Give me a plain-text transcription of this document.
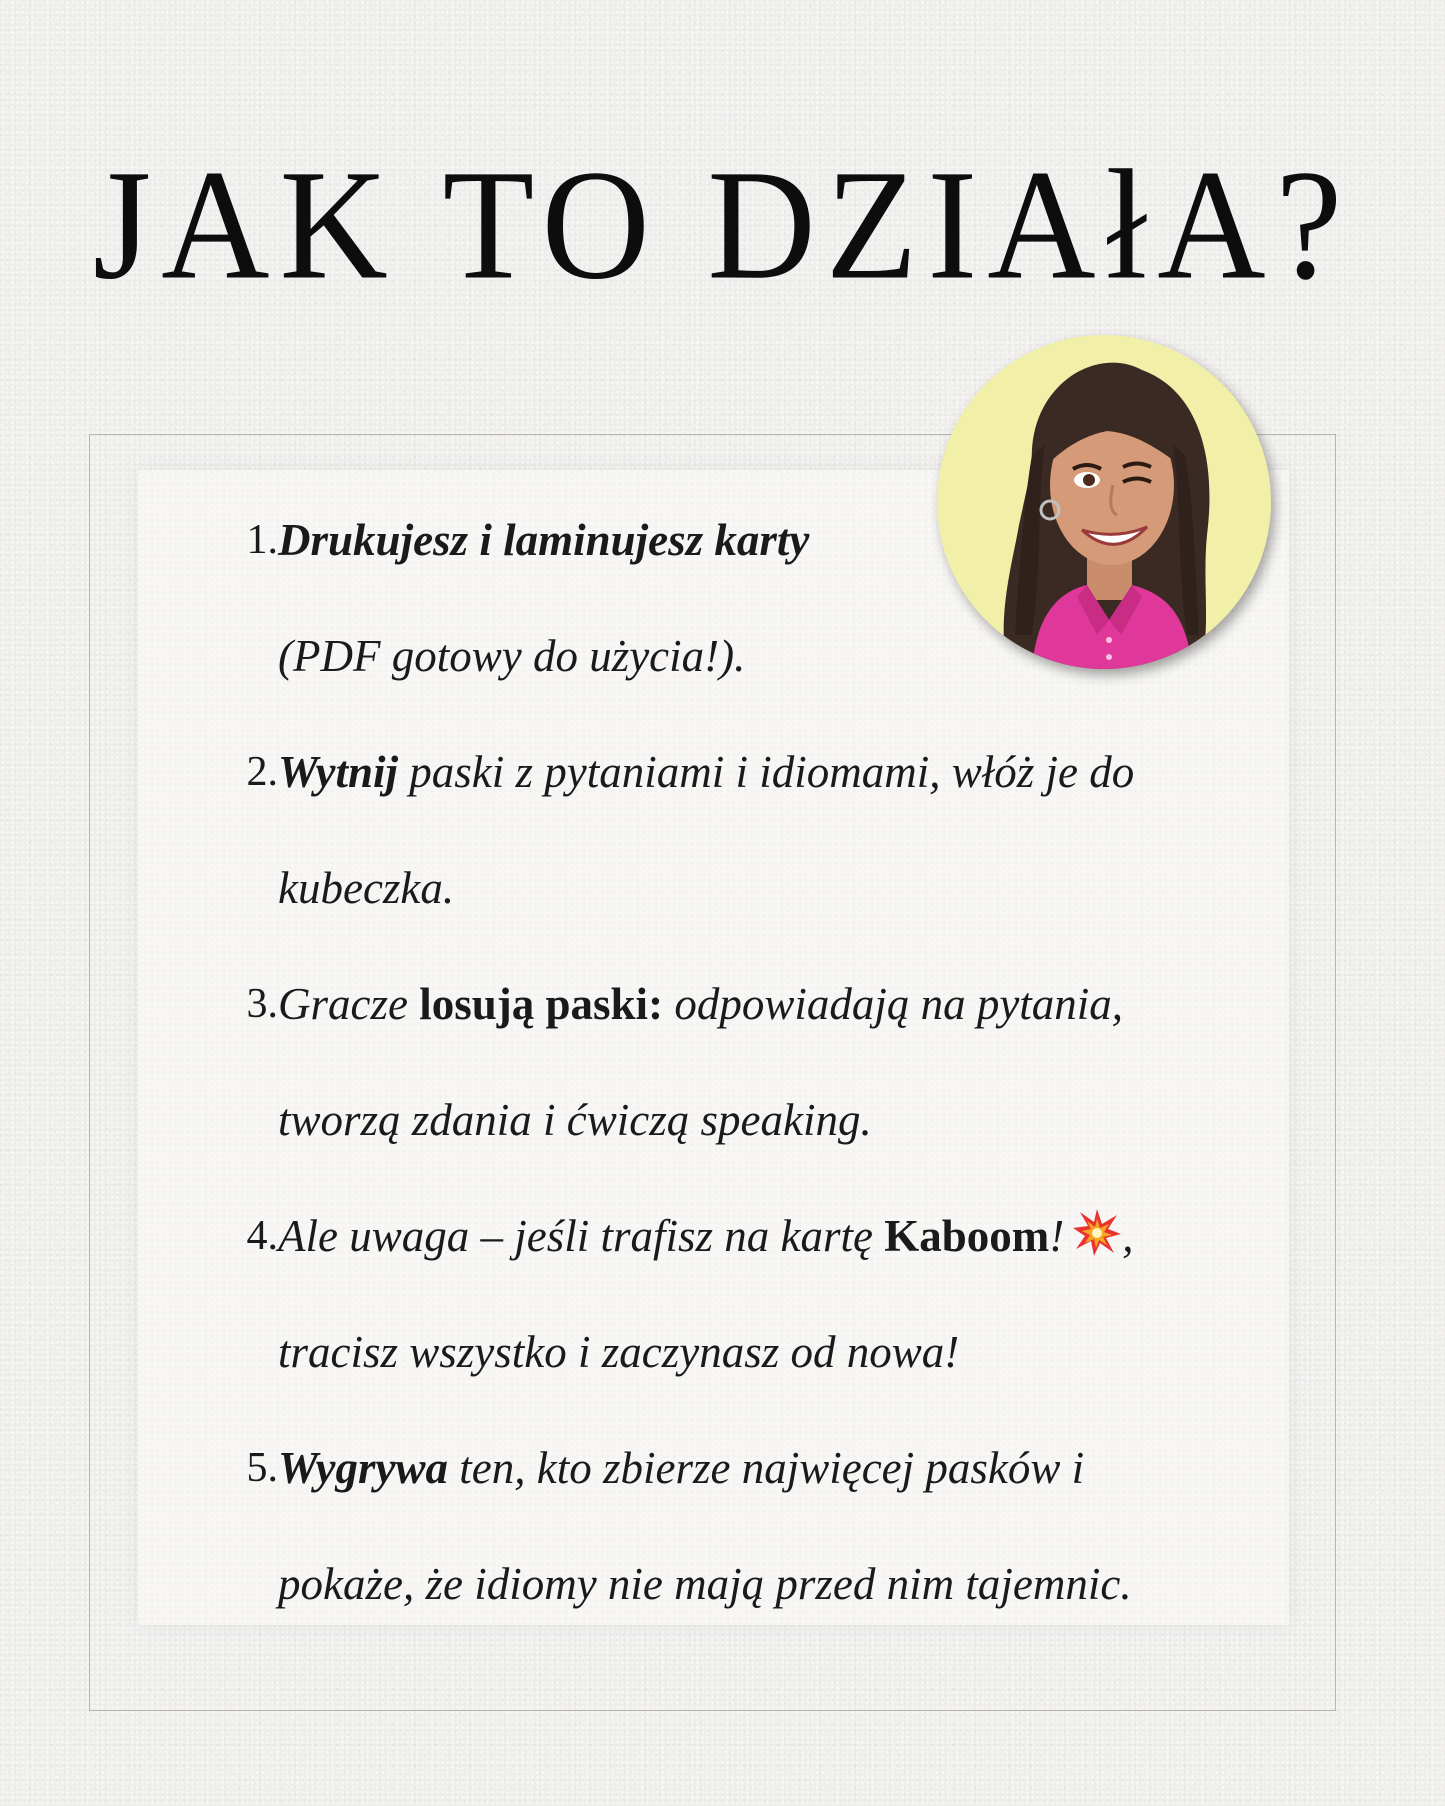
JAK TO DZIAłA?
1. Drukujesz i laminujesz karty
(PDF gotowy do użycia!).
2. Wytnij paski z pytaniami i idiomami, włóż je do
kubeczka.
3. Gracze losują paski: odpowiadają na pytania,
tworzą zdania i ćwiczą speaking.
4. Ale uwaga – jeśli trafisz na kartę Kaboom! ,
tracisz wszystko i zaczynasz od nowa!
5. Wygrywa ten, kto zbierze najwięcej pasków i
pokaże, że idiomy nie mają przed nim tajemnic.
